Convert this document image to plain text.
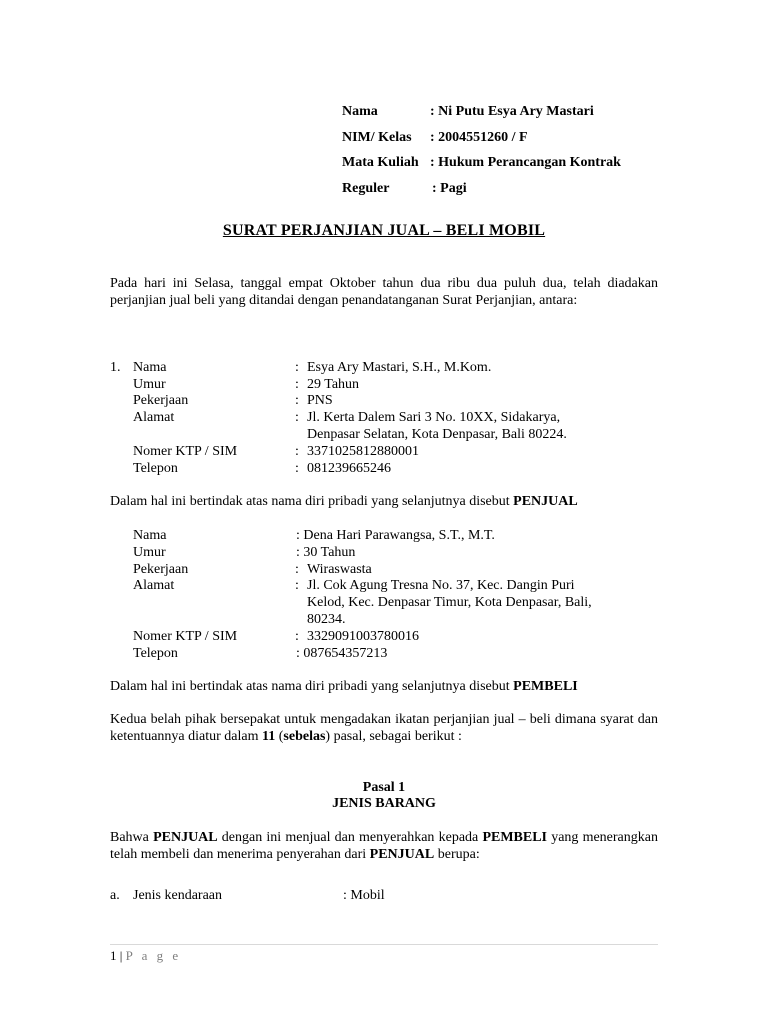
Nama	: Ni Putu Esya Ary Mastari
NIM/ Kelas : 2004551260 / F
Mata Kuliah : Hukum Perancangan Kontrak
Reguler	: Pagi
SURAT PERJANJIAN JUAL – BELI MOBIL
Pada hari ini Selasa, tanggal empat Oktober tahun dua ribu dua puluh dua, telah diadakan perjanjian jual beli yang ditandai dengan penandatanganan Surat Perjanjian, antara:
1. Nama	: Esya Ary Mastari, S.H., M.Kom.
Umur	: 29 Tahun
Pekerjaan	: PNS
Alamat	: Jl. Kerta Dalem Sari 3 No. 10XX, Sidakarya,
Denpasar Selatan, Kota Denpasar, Bali 80224.
Nomer KTP / SIM	: 3371025812880001
Telepon	: 081239665246
Dalam hal ini bertindak atas nama diri pribadi yang selanjutnya disebut PENJUAL
Nama	: Dena Hari Parawangsa, S.T., M.T.
Umur	: 30 Tahun
Pekerjaan	: Wiraswasta
Alamat	: Jl. Cok Agung Tresna No. 37, Kec. Dangin Puri
Kelod, Kec. Denpasar Timur, Kota Denpasar, Bali,
80234.
Nomer KTP / SIM	: 3329091003780016
Telepon	: 087654357213
Dalam hal ini bertindak atas nama diri pribadi yang selanjutnya disebut PEMBELI
Kedua belah pihak bersepakat untuk mengadakan ikatan perjanjian jual – beli dimana syarat dan ketentuannya diatur dalam 11 (sebelas) pasal, sebagai berikut :
Pasal 1
JENIS BARANG
Bahwa PENJUAL dengan ini menjual dan menyerahkan kepada PEMBELI yang menerangkan telah membeli dan menerima penyerahan dari PENJUAL berupa:
a. Jenis kendaraan	: Mobil
1 | P a g e
